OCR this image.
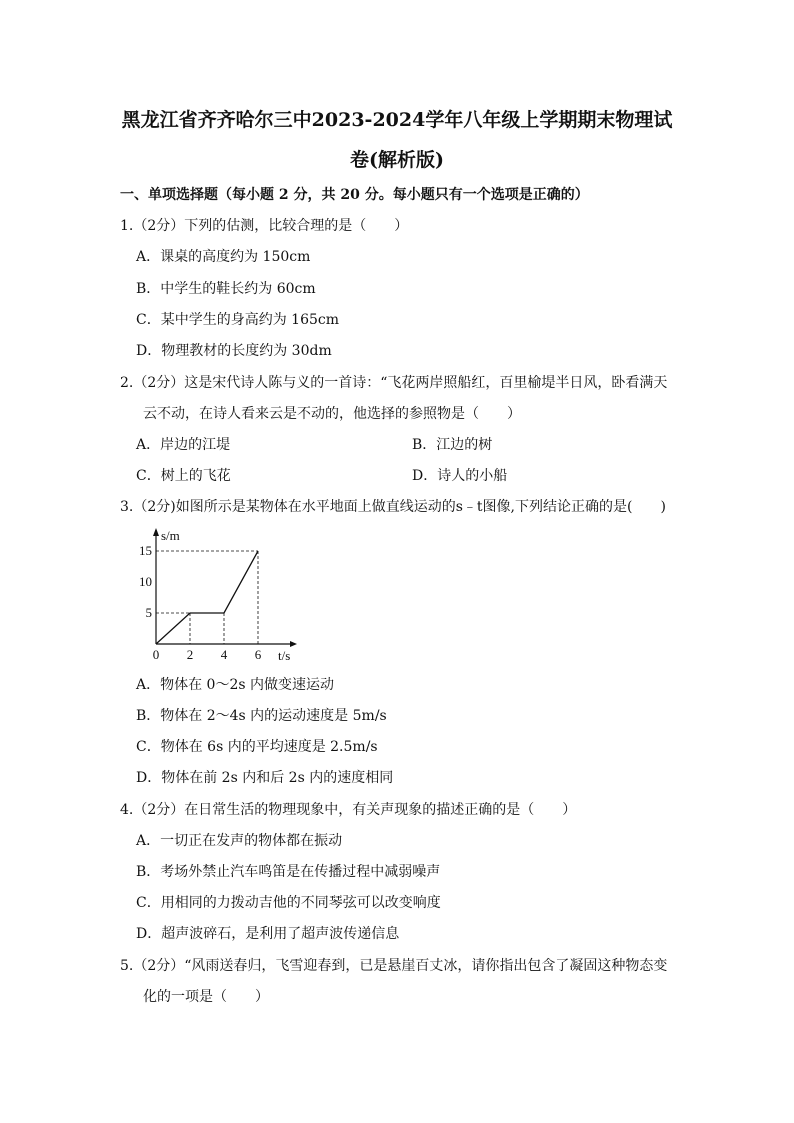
黑龙江省齐齐哈尔三中2023-2024学年八年级上学期期末物理试
卷(解析版)
一、单项选择题（每小题 2 分，共 20 分。每小题只有一个选项是正确的）
1.（2分）下列的估测，比较合理的是（　　）
A．课桌的高度约为 150cm
B．中学生的鞋长约为 60cm
C．某中学生的身高约为 165cm
D．物理教材的长度约为 30dm
2.（2分）这是宋代诗人陈与义的一首诗：“飞花两岸照船红，百里榆堤半日风，卧看满天
云不动，在诗人看来云是不动的，他选择的参照物是（　　）
A．岸边的江堤	B．江边的树
C．树上的飞花	D．诗人的小船
3.（2分)如图所示是某物体在水平地面上做直线运动的s﹣t图像,下列结论正确的是(　　)
0 2 4 6
5
10
15
t/s
s/m
A．物体在 0～2s 内做变速运动
B．物体在 2～4s 内的运动速度是 5m/s
C．物体在 6s 内的平均速度是 2.5m/s
D．物体在前 2s 内和后 2s 内的速度相同
4.（2分）在日常生活的物理现象中，有关声现象的描述正确的是（　　）
A．一切正在发声的物体都在振动
B．考场外禁止汽车鸣笛是在传播过程中减弱噪声
C．用相同的力拨动吉他的不同琴弦可以改变响度
D．超声波碎石，是利用了超声波传递信息
5.（2分）“风雨送春归，飞雪迎春到，已是悬崖百丈冰，请你指出包含了凝固这种物态变
化的一项是（　　）
